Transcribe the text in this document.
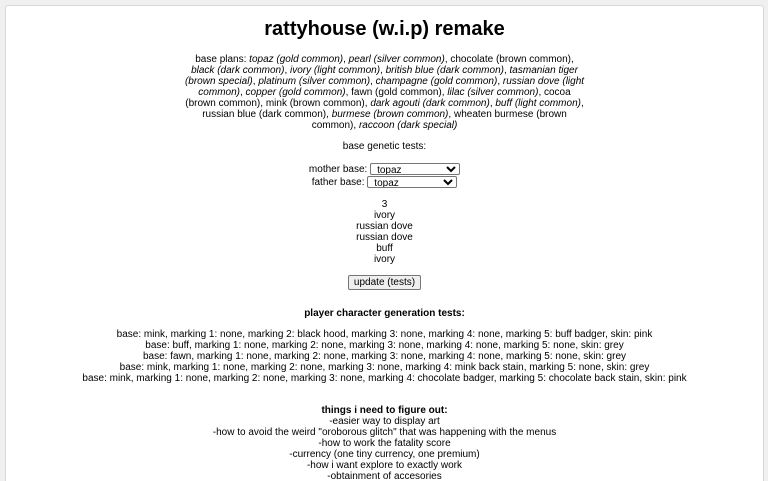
rattyhouse (w.i.p) remake
base plans: topaz (gold common), pearl (silver common), chocolate (brown common), black (dark common), ivory (light common), british blue (dark common), tasmanian tiger (brown special), platinum (silver common), champagne (gold common), russian dove (light common), copper (gold common), fawn (gold common), lilac (silver common), cocoa (brown common), mink (brown common), dark agouti (dark common), buff (light common), russian blue (dark common), burmese (brown common), wheaten burmese (brown common), raccoon (dark special)
base genetic tests:
mother base:
topaz
father base:
topaz
3
ivory
russian dove
russian dove
buff
ivory
update (tests)
player character generation tests:
base: mink, marking 1: none, marking 2: black hood, marking 3: none, marking 4: none, marking 5: buff badger, skin: pink
base: buff, marking 1: none, marking 2: none, marking 3: none, marking 4: none, marking 5: none, skin: grey
base: fawn, marking 1: none, marking 2: none, marking 3: none, marking 4: none, marking 5: none, skin: grey
base: mink, marking 1: none, marking 2: none, marking 3: none, marking 4: mink back stain, marking 5: none, skin: grey
base: mink, marking 1: none, marking 2: none, marking 3: none, marking 4: chocolate badger, marking 5: chocolate back stain, skin: pink
things i need to figure out:
-easier way to display art
-how to avoid the weird "oroborous glitch" that was happening with the menus
-how to work the fatality score
-currency (one tiny currency, one premium)
-how i want explore to exactly work
-obtainment of accesories
